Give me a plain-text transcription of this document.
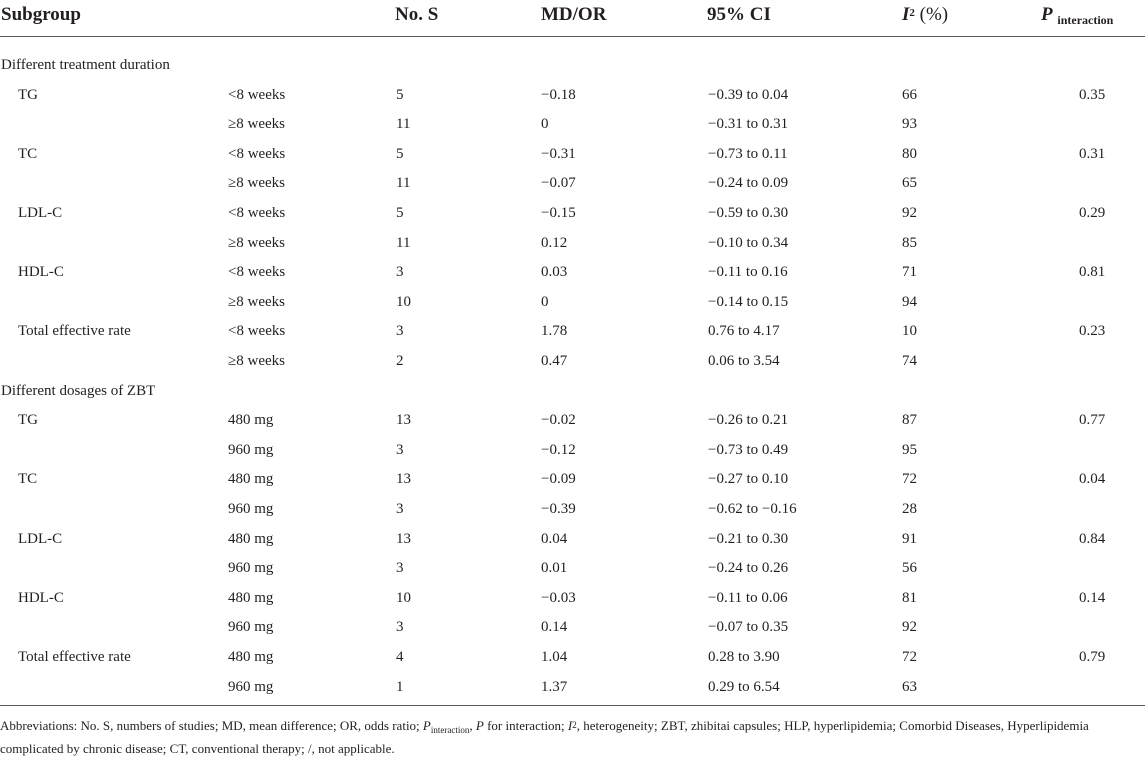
Subgroup	No. S	MD/OR	95% CI	$I^2$ (%)	P $_{interaction}$
Different treatment duration
TG	<8 weeks	5	−0.18	−0.39 to 0.04	66	0.35
≥8 weeks	11	0	−0.31 to 0.31	93
TC	<8 weeks	5	−0.31	−0.73 to 0.11	80	0.31
≥8 weeks	11	−0.07	−0.24 to 0.09	65
LDL-C	<8 weeks	5	−0.15	−0.59 to 0.30	92	0.29
≥8 weeks	11	0.12	−0.10 to 0.34	85
HDL-C	<8 weeks	3	0.03	−0.11 to 0.16	71	0.81
≥8 weeks	10	0	−0.14 to 0.15	94
Total effective rate	<8 weeks	3	1.78	0.76 to 4.17	10	0.23
≥8 weeks	2	0.47	0.06 to 3.54	74
Different dosages of ZBT
TG	480 mg	13	−0.02	−0.26 to 0.21	87	0.77
960 mg	3	−0.12	−0.73 to 0.49	95
TC	480 mg	13	−0.09	−0.27 to 0.10	72	0.04
960 mg	3	−0.39	−0.62 to −0.16	28
LDL-C	480 mg	13	0.04	−0.21 to 0.30	91	0.84
960 mg	3	0.01	−0.24 to 0.26	56
HDL-C	480 mg	10	−0.03	−0.11 to 0.06	81	0.14
960 mg	3	0.14	−0.07 to 0.35	92
Total effective rate	480 mg	4	1.04	0.28 to 3.90	72	0.79
960 mg	1	1.37	0.29 to 6.54	63
Abbreviations: No. S, numbers of studies; MD, mean difference; OR, odds ratio; $P_{interaction}$, P for interaction; $I^2$, heterogeneity; ZBT, zhibitai capsules; HLP, hyperlipidemia; Comorbid Diseases, Hyperlipidemia complicated by chronic disease; CT, conventional therapy; /, not applicable.
